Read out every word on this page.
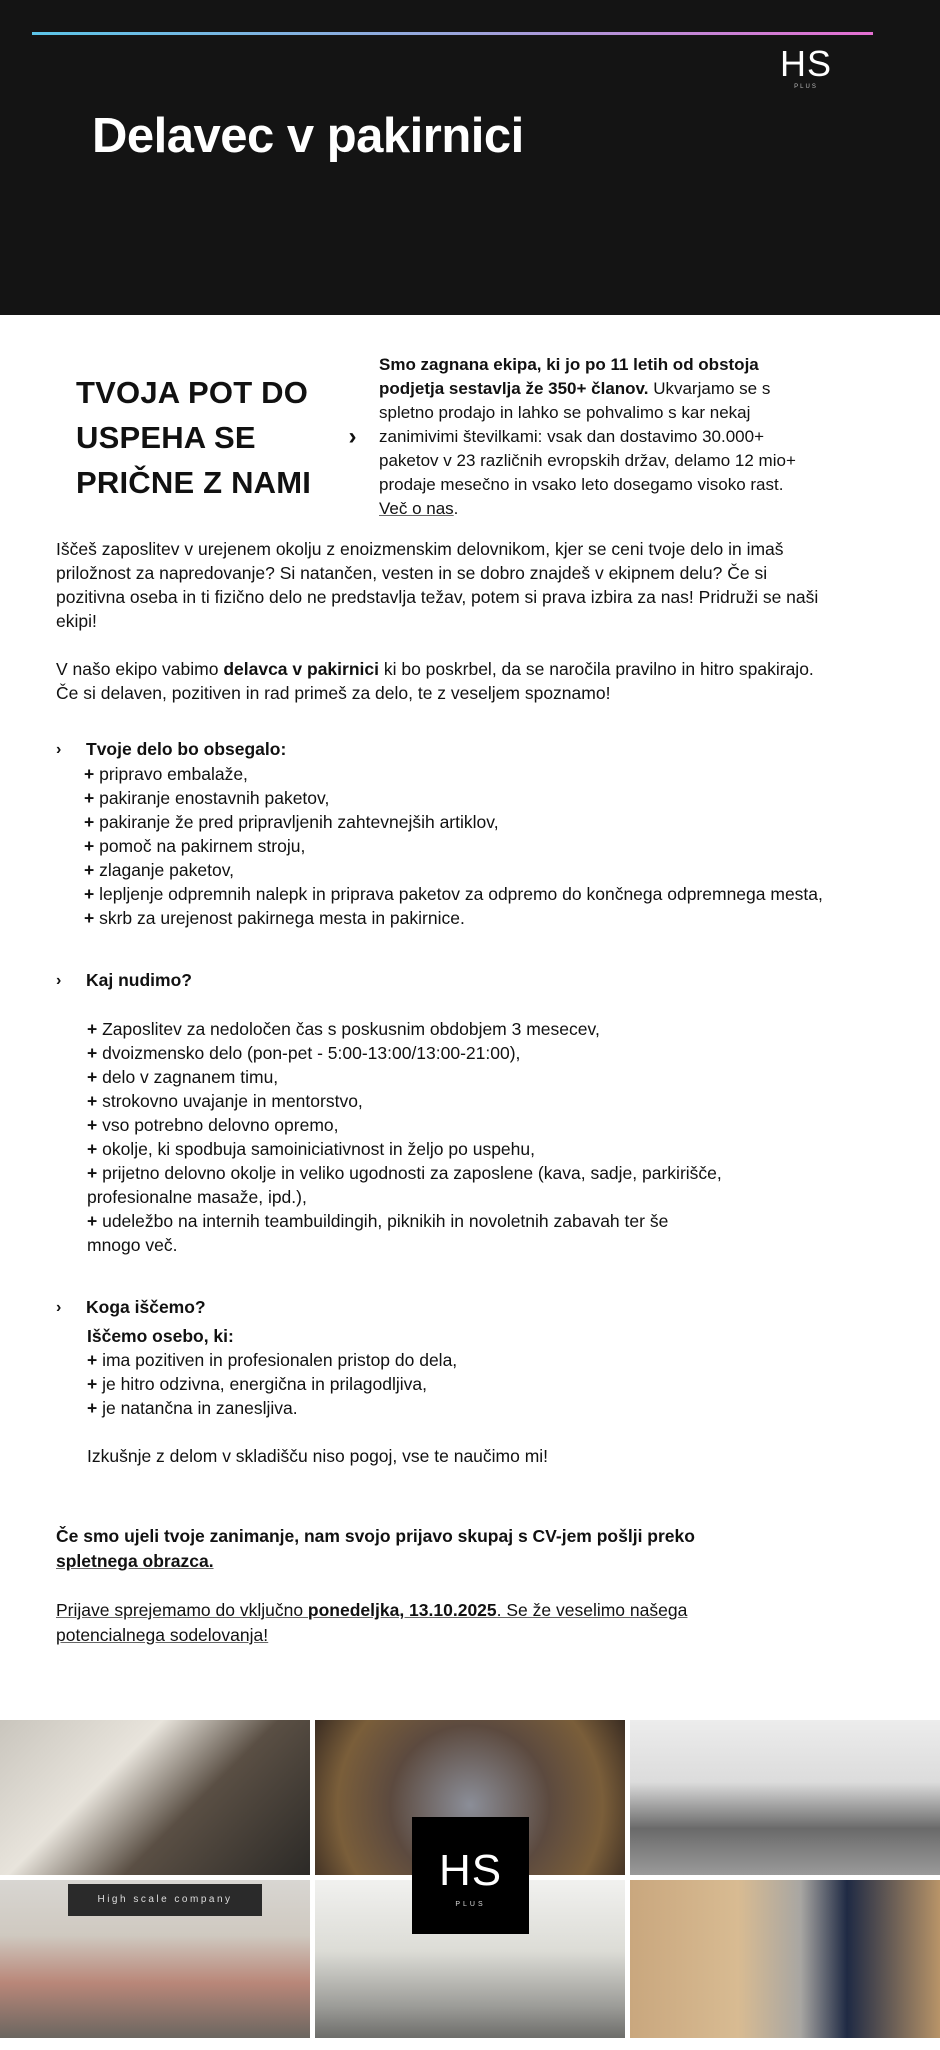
HS
PLUS
Delavec v pakirnici
TVOJA POT DO USPEHA SE PRIČNE Z NAMI
›
Smo zagnana ekipa, ki jo po 11 letih od obstoja podjetja sestavlja že 350+ članov. Ukvarjamo se s spletno prodajo in lahko se pohvalimo s kar nekaj zanimivimi številkami: vsak dan dostavimo 30.000+ paketov v 23 različnih evropskih držav, delamo 12 mio+ prodaje mesečno in vsako leto dosegamo visoko rast. Več o nas.

Iščeš zaposlitev v urejenem okolju z enoizmenskim delovnikom, kjer se ceni tvoje delo in imaš priložnost za napredovanje? Si natančen, vesten in se dobro znajdeš v ekipnem delu? Če si pozitivna oseba in ti fizično delo ne predstavlja težav, potem si prava izbira za nas! Pridruži se naši ekipi!

V našo ekipo vabimo delavca v pakirnici ki bo poskrbel, da se naročila pravilno in hitro spakirajo. Če si delaven, pozitiven in rad primeš za delo, te z veseljem spoznamo!

›	Tvoje delo bo obsegalo:
+ pripravo embalaže,
+ pakiranje enostavnih paketov,
+ pakiranje že pred pripravljenih zahtevnejših artiklov,
+ pomoč na pakirnem stroju,
+ zlaganje paketov,
+ lepljenje odpremnih nalepk in priprava paketov za odpremo do končnega odpremnega mesta,
+ skrb za urejenost pakirnega mesta in pakirnice.
›	Kaj nudimo?
+ Zaposlitev za nedoločen čas s poskusnim obdobjem 3 mesecev,
+ dvoizmensko delo (pon-pet - 5:00-13:00/13:00-21:00),
+ delo v zagnanem timu,
+ strokovno uvajanje in mentorstvo,
+ vso potrebno delovno opremo,
+ okolje, ki spodbuja samoiniciativnost in željo po uspehu,
+ prijetno delovno okolje in veliko ugodnosti za zaposlene (kava, sadje, parkirišče, profesionalne masaže, ipd.),
+ udeležbo na internih teambuildingih, piknikih in novoletnih zabavah ter še mnogo več.
›	Koga iščemo?
Iščemo osebo, ki:
+ ima pozitiven in profesionalen pristop do dela,
+ je hitro odzivna, energična in prilagodljiva,
+ je natančna in zanesljiva.
Izkušnje z delom v skladišču niso pogoj, vse te naučimo mi!

Če smo ujeli tvoje zanimanje, nam svojo prijavo skupaj s CV-jem pošlji preko spletnega obrazca.

Prijave sprejemamo do vključno ponedeljka, 13.10.2025. Se že veselimo našega potencialnega sodelovanja!

High scale company
HS
PLUS
